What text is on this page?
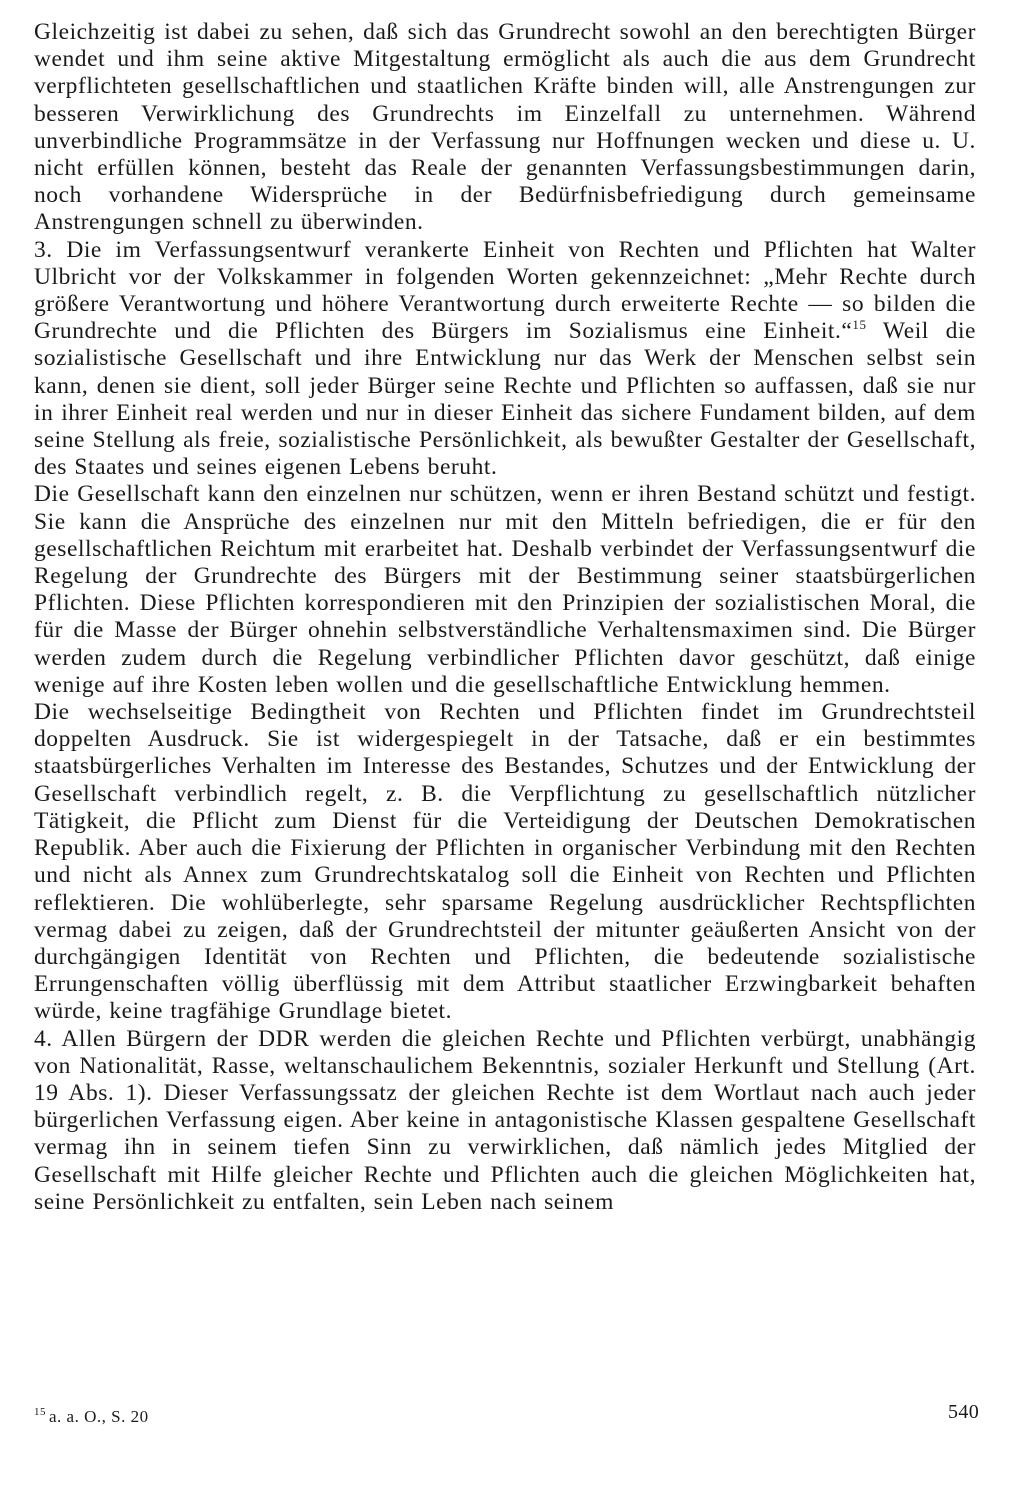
Gleichzeitig ist dabei zu sehen, daß sich das Grundrecht sowohl an den berechtigten Bürger wendet und ihm seine aktive Mitgestaltung ermöglicht als auch die aus dem Grundrecht verpflichteten gesellschaftlichen und staatlichen Kräfte binden will, alle Anstrengungen zur besseren Verwirklichung des Grundrechts im Einzelfall zu unternehmen. Während unverbindliche Programmsätze in der Verfassung nur Hoffnungen wecken und diese u. U. nicht erfüllen können, besteht das Reale der genannten Verfassungsbestimmungen darin, noch vorhandene Widersprüche in der Bedürfnisbefriedigung durch gemeinsame Anstrengungen schnell zu überwinden.

3. Die im Verfassungsentwurf verankerte Einheit von Rechten und Pflichten hat Walter Ulbricht vor der Volkskammer in folgenden Worten gekennzeichnet: „Mehr Rechte durch größere Verantwortung und höhere Verantwortung durch erweiterte Rechte — so bilden die Grundrechte und die Pflichten des Bürgers im Sozialismus eine Einheit.“$^{15}$ Weil die sozialistische Gesellschaft und ihre Entwicklung nur das Werk der Menschen selbst sein kann, denen sie dient, soll jeder Bürger seine Rechte und Pflichten so auffassen, daß sie nur in ihrer Einheit real werden und nur in dieser Einheit das sichere Fundament bilden, auf dem seine Stellung als freie, sozialistische Persönlichkeit, als bewußter Gestalter der Gesellschaft, des Staates und seines eigenen Lebens beruht.

Die Gesellschaft kann den einzelnen nur schützen, wenn er ihren Bestand schützt und festigt. Sie kann die Ansprüche des einzelnen nur mit den Mitteln befriedigen, die er für den gesellschaftlichen Reichtum mit erarbeitet hat. Deshalb verbindet der Verfassungsentwurf die Regelung der Grundrechte des Bürgers mit der Bestimmung seiner staatsbürgerlichen Pflichten. Diese Pflichten korrespondieren mit den Prinzipien der sozialistischen Moral, die für die Masse der Bürger ohnehin selbstverständliche Verhaltensmaximen sind. Die Bürger werden zudem durch die Regelung verbindlicher Pflichten davor geschützt, daß einige wenige auf ihre Kosten leben wollen und die gesellschaftliche Entwicklung hemmen.

Die wechselseitige Bedingtheit von Rechten und Pflichten findet im Grundrechtsteil doppelten Ausdruck. Sie ist widergespiegelt in der Tatsache, daß er ein bestimmtes staatsbürgerliches Verhalten im Interesse des Bestandes, Schutzes und der Entwicklung der Gesellschaft verbindlich regelt, z. B. die Verpflichtung zu gesellschaftlich nützlicher Tätigkeit, die Pflicht zum Dienst für die Verteidigung der Deutschen Demokratischen Republik. Aber auch die Fixierung der Pflichten in organischer Verbindung mit den Rechten und nicht als Annex zum Grundrechtskatalog soll die Einheit von Rechten und Pflichten reflektieren. Die wohlüberlegte, sehr sparsame Regelung ausdrücklicher Rechtspflichten vermag dabei zu zeigen, daß der Grundrechtsteil der mitunter geäußerten Ansicht von der durchgängigen Identität von Rechten und Pflichten, die bedeutende sozialistische Errungenschaften völlig überflüssig mit dem Attribut staatlicher Erzwingbarkeit behaften würde, keine tragfähige Grundlage bietet.

4. Allen Bürgern der DDR werden die gleichen Rechte und Pflichten verbürgt, unabhängig von Nationalität, Rasse, weltanschaulichem Bekenntnis, sozialer Herkunft und Stellung (Art. 19 Abs. 1). Dieser Verfassungssatz der gleichen Rechte ist dem Wortlaut nach auch jeder bürgerlichen Verfassung eigen. Aber keine in antagonistische Klassen gespaltene Gesellschaft vermag ihn in seinem tiefen Sinn zu verwirklichen, daß nämlich jedes Mitglied der Gesellschaft mit Hilfe gleicher Rechte und Pflichten auch die gleichen Möglichkeiten hat, seine Persönlichkeit zu entfalten, sein Leben nach seinem

$^{15}$ a. a. O., S. 20	540
